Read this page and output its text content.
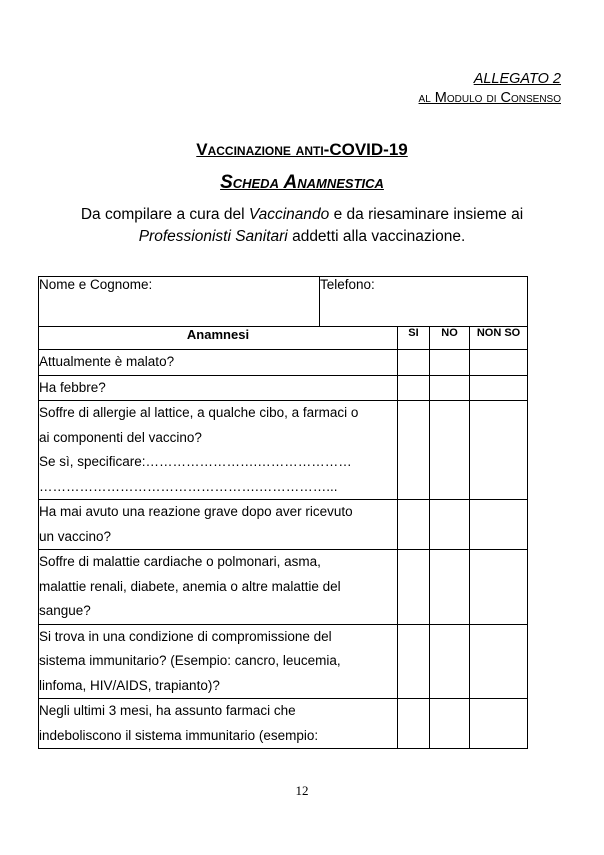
ALLEGATO 2
al Modulo di Consenso
Vaccinazione anti-COVID-19
Scheda Anamnestica
Da compilare a cura del Vaccinando e da riesaminare insieme ai
Professionisti Sanitari addetti alla vaccinazione.
Nome e Cognome:	Telefono:			
Anamnesi		SI	NO	NON SO

Attualmente è malato?				

Ha febbre?				

Soffre di allergie al lattice, a qualche cibo, a farmaci o
ai componenti del vaccino?
Se sì, specificare:…………………….…………………
………………………………………….……………...				

Ha mai avuto una reazione grave dopo aver ricevuto
un vaccino?				

Soffre di malattie cardiache o polmonari, asma,
malattie renali, diabete, anemia o altre malattie del
sangue?				

Si trova in una condizione di compromissione del
sistema immunitario? (Esempio: cancro, leucemia,
linfoma, HIV/AIDS, trapianto)?				

Negli ultimi 3 mesi, ha assunto farmaci che
indeboliscono il sistema immunitario (esempio:				

12
